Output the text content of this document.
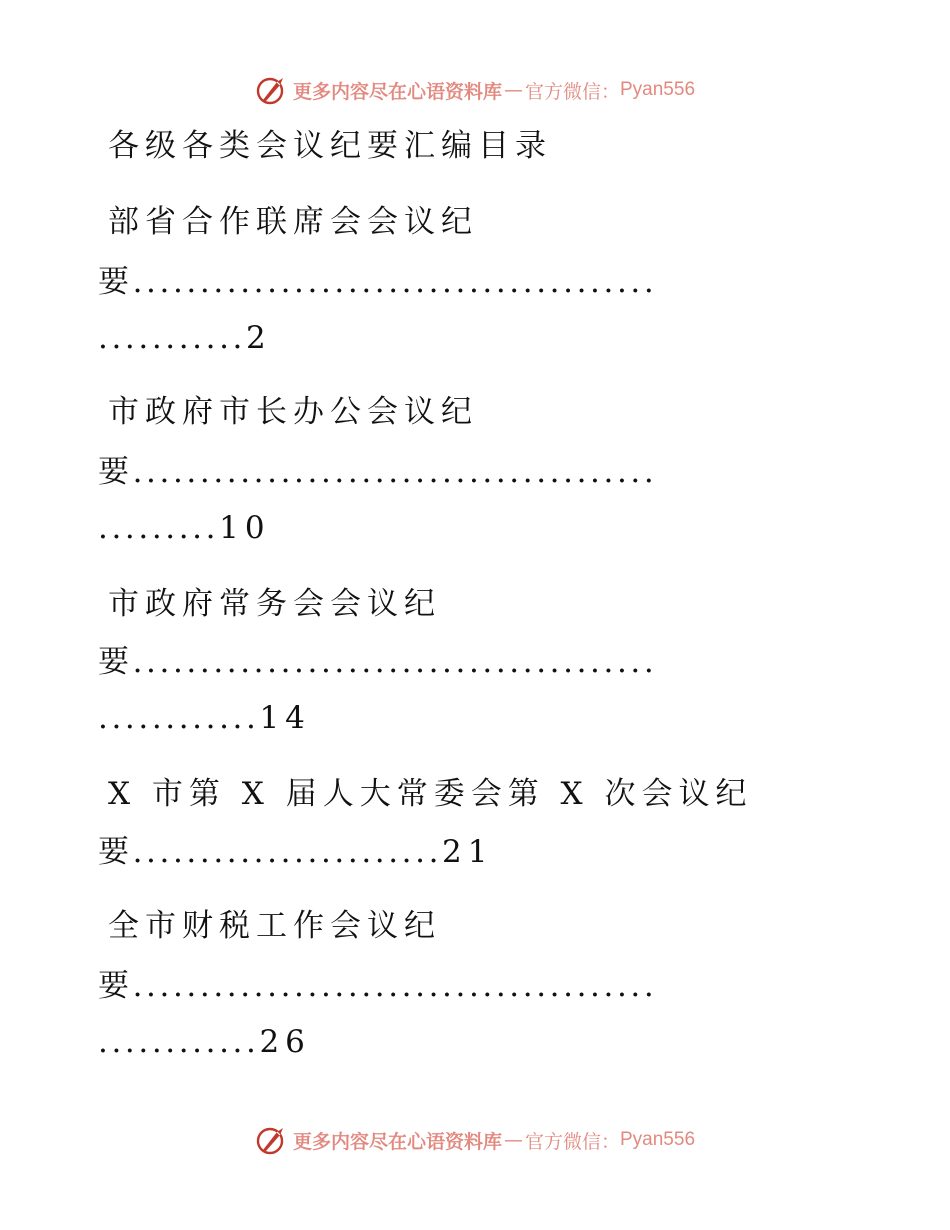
更多内容尽在心语资料库 — 官方微信： Pyan556
各级各类会议纪要汇编目录
部省合作联席会会议纪
要.......................................
...........2
市政府市长办公会议纪
要.......................................
.........10
市政府常务会会议纪
要.......................................
............14
X 市第 X 届人大常委会第 X 次会议纪
要.......................21
全市财税工作会议纪
要.......................................
............26
更多内容尽在心语资料库 — 官方微信： Pyan556
